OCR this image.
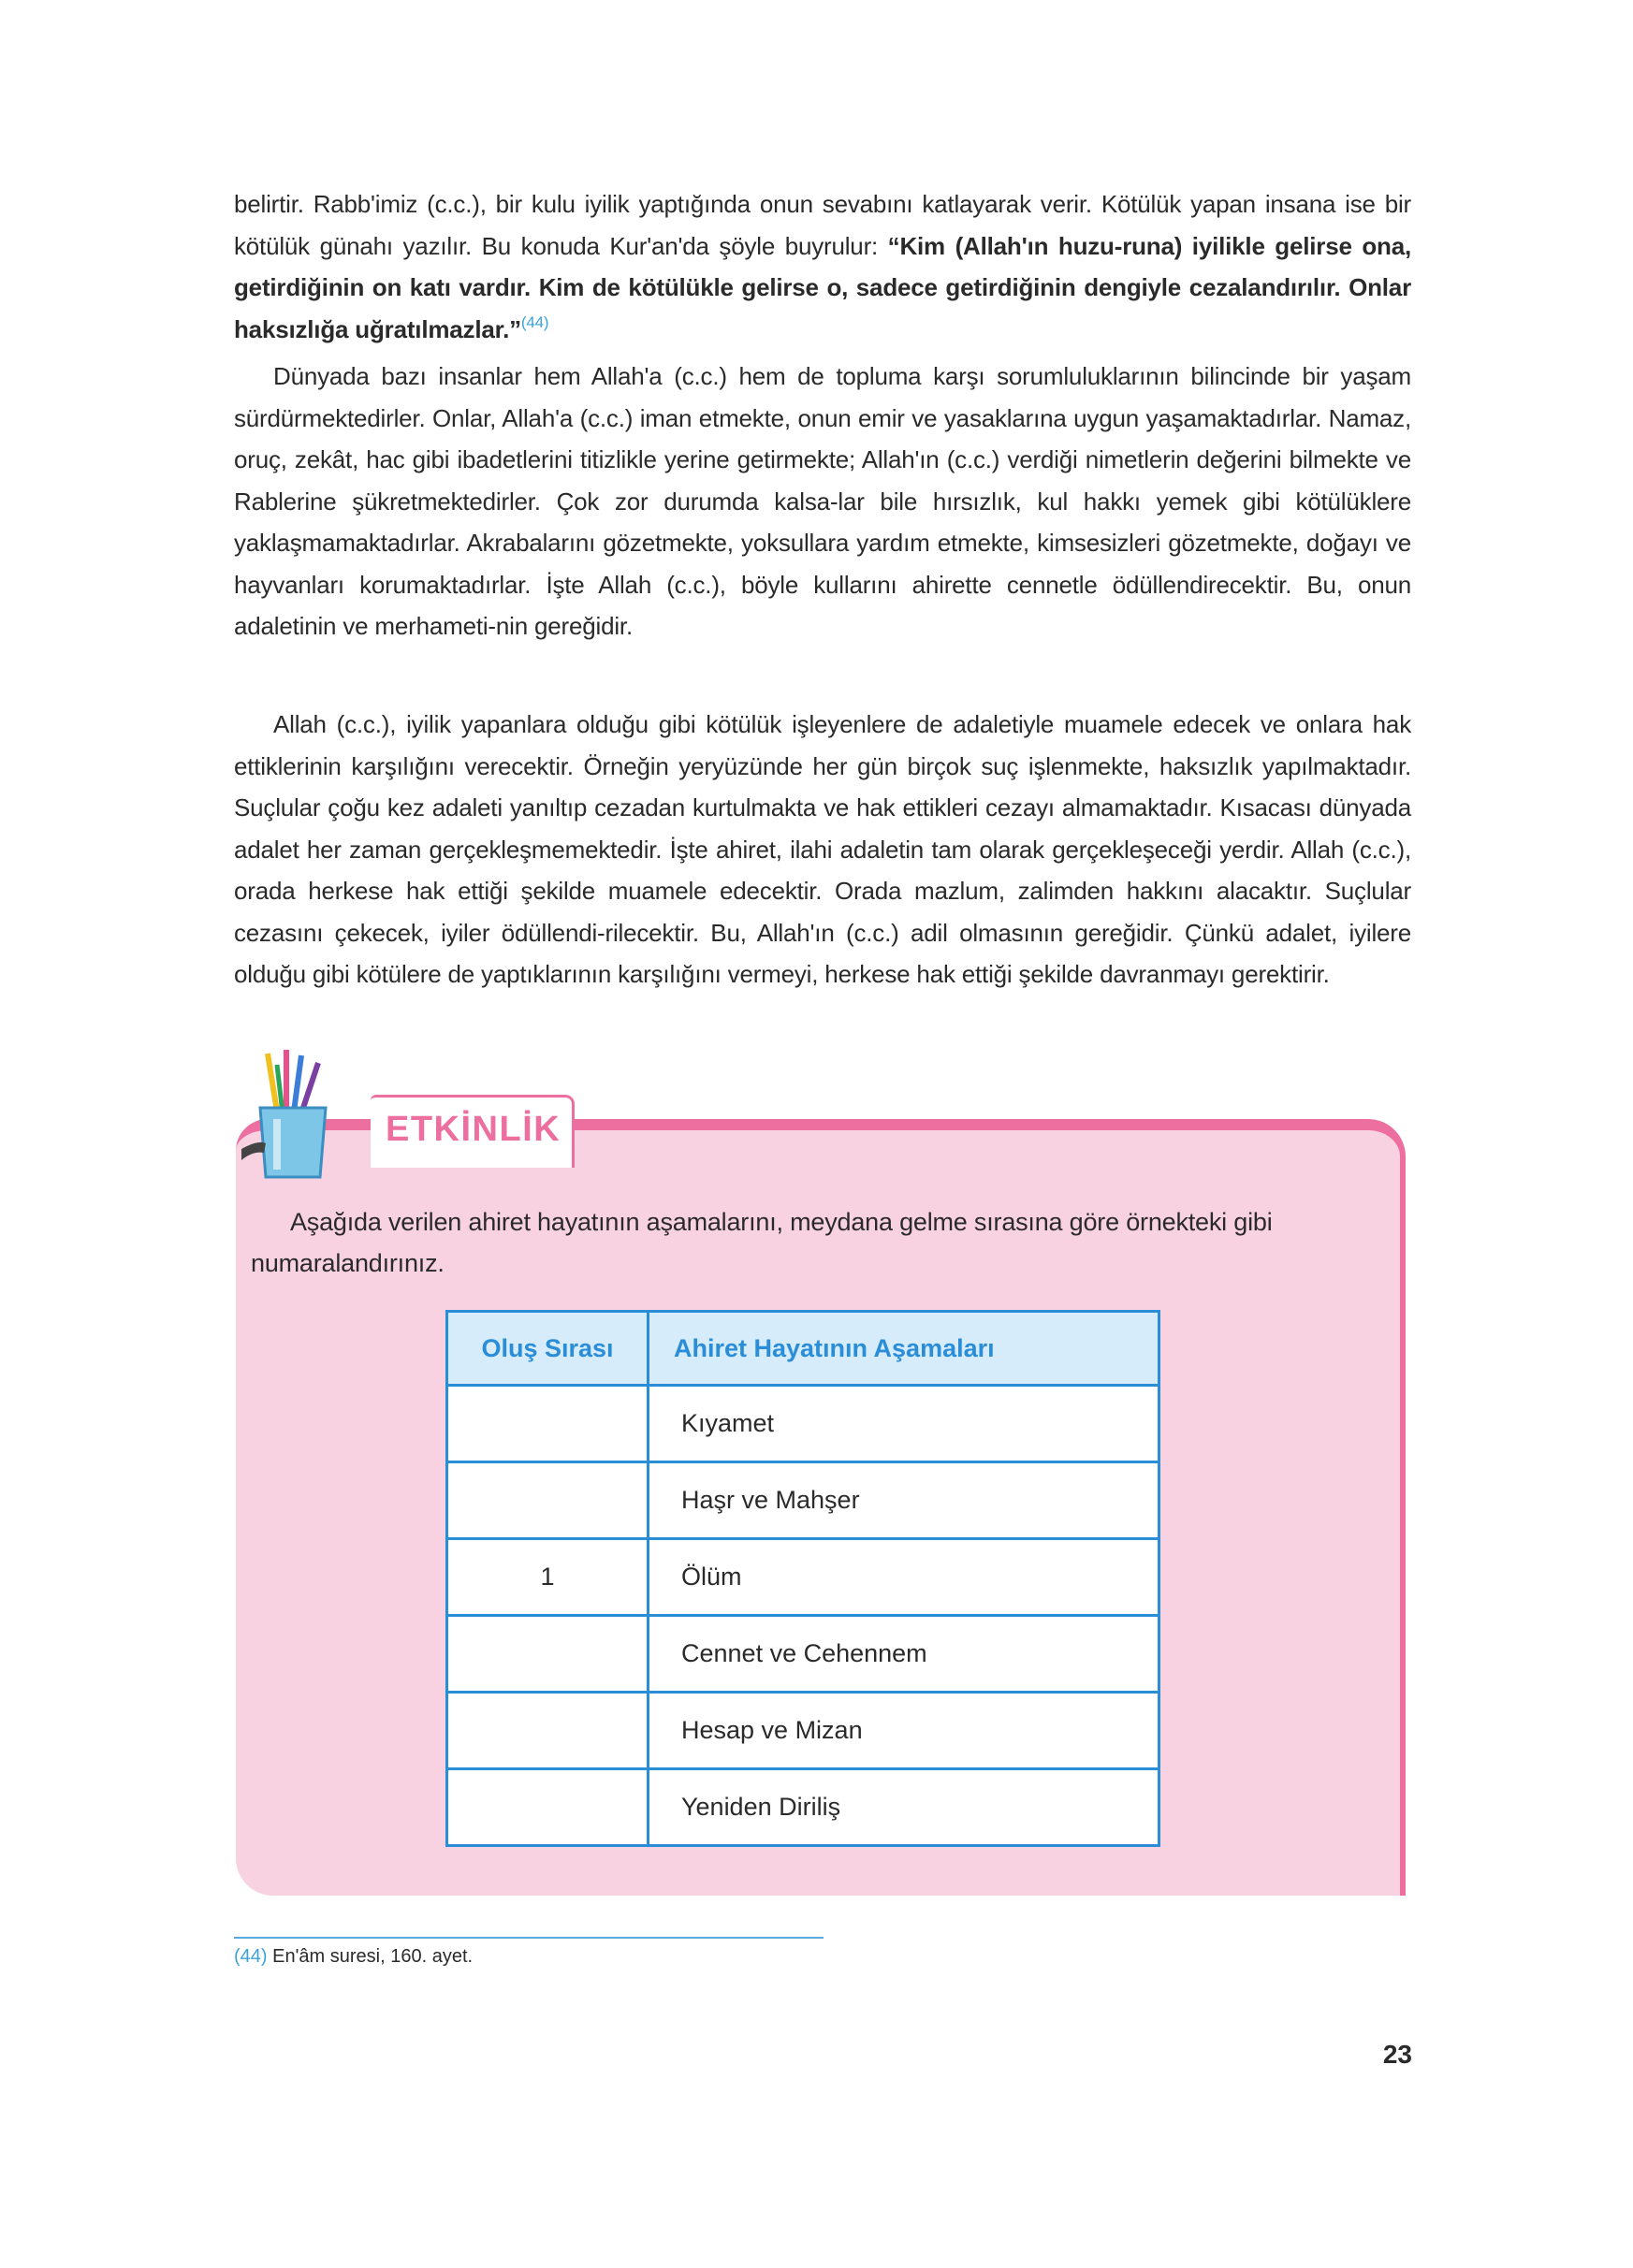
belirtir. Rabb'imiz (c.c.), bir kulu iyilik yaptığında onun sevabını katlayarak verir. Kötülük yapan insana ise bir kötülük günahı yazılır. Bu konuda Kur'an'da şöyle buyrulur: “Kim (Allah'ın huzu-runa) iyilikle gelirse ona, getirdiğinin on katı vardır. Kim de kötülükle gelirse o, sadece getirdiğinin dengiyle cezalandırılır. Onlar haksızlığa uğratılmazlar.”$^{(44)}$

Dünyada bazı insanlar hem Allah'a (c.c.) hem de topluma karşı sorumluluklarının bilincinde bir yaşam sürdürmektedirler. Onlar, Allah'a (c.c.) iman etmekte, onun emir ve yasaklarına uygun yaşamaktadırlar. Namaz, oruç, zekât, hac gibi ibadetlerini titizlikle yerine getirmekte; Allah'ın (c.c.) verdiği nimetlerin değerini bilmekte ve Rablerine şükretmektedirler. Çok zor durumda kalsa-lar bile hırsızlık, kul hakkı yemek gibi kötülüklere yaklaşmamaktadırlar. Akrabalarını gözetmekte, yoksullara yardım etmekte, kimsesizleri gözetmekte, doğayı ve hayvanları korumaktadırlar. İşte Allah (c.c.), böyle kullarını ahirette cennetle ödüllendirecektir. Bu, onun adaletinin ve merhameti-nin gereğidir.

Allah (c.c.), iyilik yapanlara olduğu gibi kötülük işleyenlere de adaletiyle muamele edecek ve onlara hak ettiklerinin karşılığını verecektir. Örneğin yeryüzünde her gün birçok suç işlenmekte, haksızlık yapılmaktadır. Suçlular çoğu kez adaleti yanıltıp cezadan kurtulmakta ve hak ettikleri cezayı almamaktadır. Kısacası dünyada adalet her zaman gerçekleşmemektedir. İşte ahiret, ilahi adaletin tam olarak gerçekleşeceği yerdir. Allah (c.c.), orada herkese hak ettiği şekilde muamele edecektir. Orada mazlum, zalimden hakkını alacaktır. Suçlular cezasını çekecek, iyiler ödüllendi-rilecektir. Bu, Allah'ın (c.c.) adil olmasının gereğidir. Çünkü adalet, iyilere olduğu gibi kötülere de yaptıklarının karşılığını vermeyi, herkese hak ettiği şekilde davranmayı gerektirir.

ETKİNLİK
Aşağıda verilen ahiret hayatının aşamalarını, meydana gelme sırasına göre örnekteki gibi numaralandırınız.
Oluş Sırası	Ahiret Hayatının Aşamaları
	Kıyamet
	Haşr ve Mahşer
1	Ölüm
	Cennet ve Cehennem
	Hesap ve Mizan
	Yeniden Diriliş
(44) En'âm suresi, 160. ayet.
23
